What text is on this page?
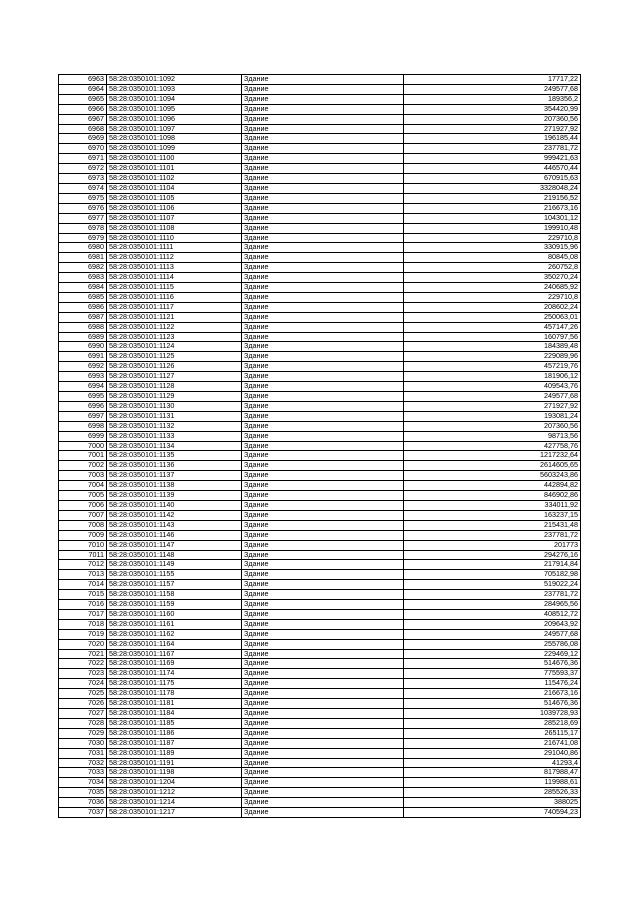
6963	58:28:0350101:1092	Здание	17717,22
6964	58:28:0350101:1093	Здание	249577,68
6965	58:28:0350101:1094	Здание	189356,2
6966	58:28:0350101:1095	Здание	354420,99
6967	58:28:0350101:1096	Здание	207360,56
6968	58:28:0350101:1097	Здание	271927,92
6969	58:28:0350101:1098	Здание	196185,44
6970	58:28:0350101:1099	Здание	237781,72
6971	58:28:0350101:1100	Здание	999421,63
6972	58:28:0350101:1101	Здание	446570,44
6973	58:28:0350101:1102	Здание	670915,63
6974	58:28:0350101:1104	Здание	3328048,24
6975	58:28:0350101:1105	Здание	219156,52
6976	58:28:0350101:1106	Здание	216673,16
6977	58:28:0350101:1107	Здание	104301,12
6978	58:28:0350101:1108	Здание	199910,48
6979	58:28:0350101:1110	Здание	229710,8
6980	58:28:0350101:1111	Здание	330915,96
6981	58:28:0350101:1112	Здание	80845,08
6982	58:28:0350101:1113	Здание	260752,8
6983	58:28:0350101:1114	Здание	350270,24
6984	58:28:0350101:1115	Здание	240685,92
6985	58:28:0350101:1116	Здание	229710,8
6986	58:28:0350101:1117	Здание	208602,24
6987	58:28:0350101:1121	Здание	250063,01
6988	58:28:0350101:1122	Здание	457147,26
6989	58:28:0350101:1123	Здание	160797,56
6990	58:28:0350101:1124	Здание	184389,48
6991	58:28:0350101:1125	Здание	229089,96
6992	58:28:0350101:1126	Здание	457219,76
6993	58:28:0350101:1127	Здание	181906,12
6994	58:28:0350101:1128	Здание	409543,76
6995	58:28:0350101:1129	Здание	249577,68
6996	58:28:0350101:1130	Здание	271927,92
6997	58:28:0350101:1131	Здание	193081,24
6998	58:28:0350101:1132	Здание	207360,56
6999	58:28:0350101:1133	Здание	98713,56
7000	58:28:0350101:1134	Здание	427758,76
7001	58:28:0350101:1135	Здание	1217232,64
7002	58:28:0350101:1136	Здание	2614605,65
7003	58:28:0350101:1137	Здание	5603243,86
7004	58:28:0350101:1138	Здание	442894,82
7005	58:28:0350101:1139	Здание	846902,86
7006	58:28:0350101:1140	Здание	334011,92
7007	58:28:0350101:1142	Здание	163237,15
7008	58:28:0350101:1143	Здание	215431,48
7009	58:28:0350101:1146	Здание	237781,72
7010	58:28:0350101:1147	Здание	201773
7011	58:28:0350101:1148	Здание	294276,16
7012	58:28:0350101:1149	Здание	217914,84
7013	58:28:0350101:1155	Здание	705182,98
7014	58:28:0350101:1157	Здание	519022,24
7015	58:28:0350101:1158	Здание	237781,72
7016	58:28:0350101:1159	Здание	284965,56
7017	58:28:0350101:1160	Здание	408512,72
7018	58:28:0350101:1161	Здание	209643,92
7019	58:28:0350101:1162	Здание	249577,68
7020	58:28:0350101:1164	Здание	255786,08
7021	58:28:0350101:1167	Здание	229469,12
7022	58:28:0350101:1169	Здание	514676,36
7023	58:28:0350101:1174	Здание	775593,37
7024	58:28:0350101:1175	Здание	115476,24
7025	58:28:0350101:1178	Здание	216673,16
7026	58:28:0350101:1181	Здание	514676,36
7027	58:28:0350101:1184	Здание	1039728,93
7028	58:28:0350101:1185	Здание	285218,69
7029	58:28:0350101:1186	Здание	265115,17
7030	58:28:0350101:1187	Здание	216741,08
7031	58:28:0350101:1189	Здание	291040,86
7032	58:28:0350101:1191	Здание	41293,4
7033	58:28:0350101:1198	Здание	817988,47
7034	58:28:0350101:1204	Здание	119988,61
7035	58:28:0350101:1212	Здание	285526,33
7036	58:28:0350101:1214	Здание	388025
7037	58:28:0350101:1217	Здание	740594,23
